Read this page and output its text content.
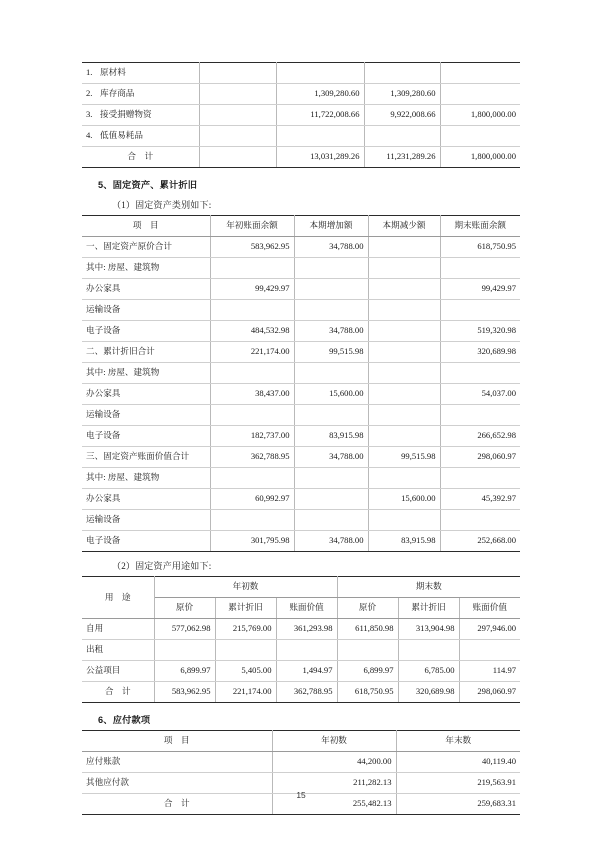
1. 原材料				
2. 库存商品		1,309,280.60	1,309,280.60	
3. 接受捐赠物资		11,722,008.66	9,922,008.66	1,800,000.00
4. 低值易耗品				
合　计		13,031,289.26	11,231,289.26	1,800,000.00
5、固定资产、累计折旧
（1）固定资产类别如下:
项　目	年初账面余额	本期增加额	本期减少额	期末账面余额
一、固定资产原价合计	583,962.95	34,788.00		618,750.95
其中: 房屋、建筑物				
办公家具	99,429.97			99,429.97
运输设备				
电子设备	484,532.98	34,788.00		519,320.98
二、累计折旧合计	221,174.00	99,515.98		320,689.98
其中: 房屋、建筑物				
办公家具	38,437.00	15,600.00		54,037.00
运输设备				
电子设备	182,737.00	83,915.98		266,652.98
三、固定资产账面价值合计	362,788.95	34,788.00	99,515.98	298,060.97
其中: 房屋、建筑物				
办公家具	60,992.97		15,600.00	45,392.97
运输设备				
电子设备	301,795.98	34,788.00	83,915.98	252,668.00
（2）固定资产用途如下:
用　途	年初数			期末数		
	原价	累计折旧	账面价值	原价	累计折旧	账面价值
自用	577,062.98	215,769.00	361,293.98	611,850.98	313,904.98	297,946.00
出租						
公益项目	6,899.97	5,405.00	1,494.97	6,899.97	6,785.00	114.97
合　计	583,962.95	221,174.00	362,788.95	618,750.95	320,689.98	298,060.97
6、应付款项
项　目	年初数	年末数
应付账款	44,200.00	40,119.40
其他应付款	211,282.13	219,563.91
合　计	255,482.13	259,683.31
15
